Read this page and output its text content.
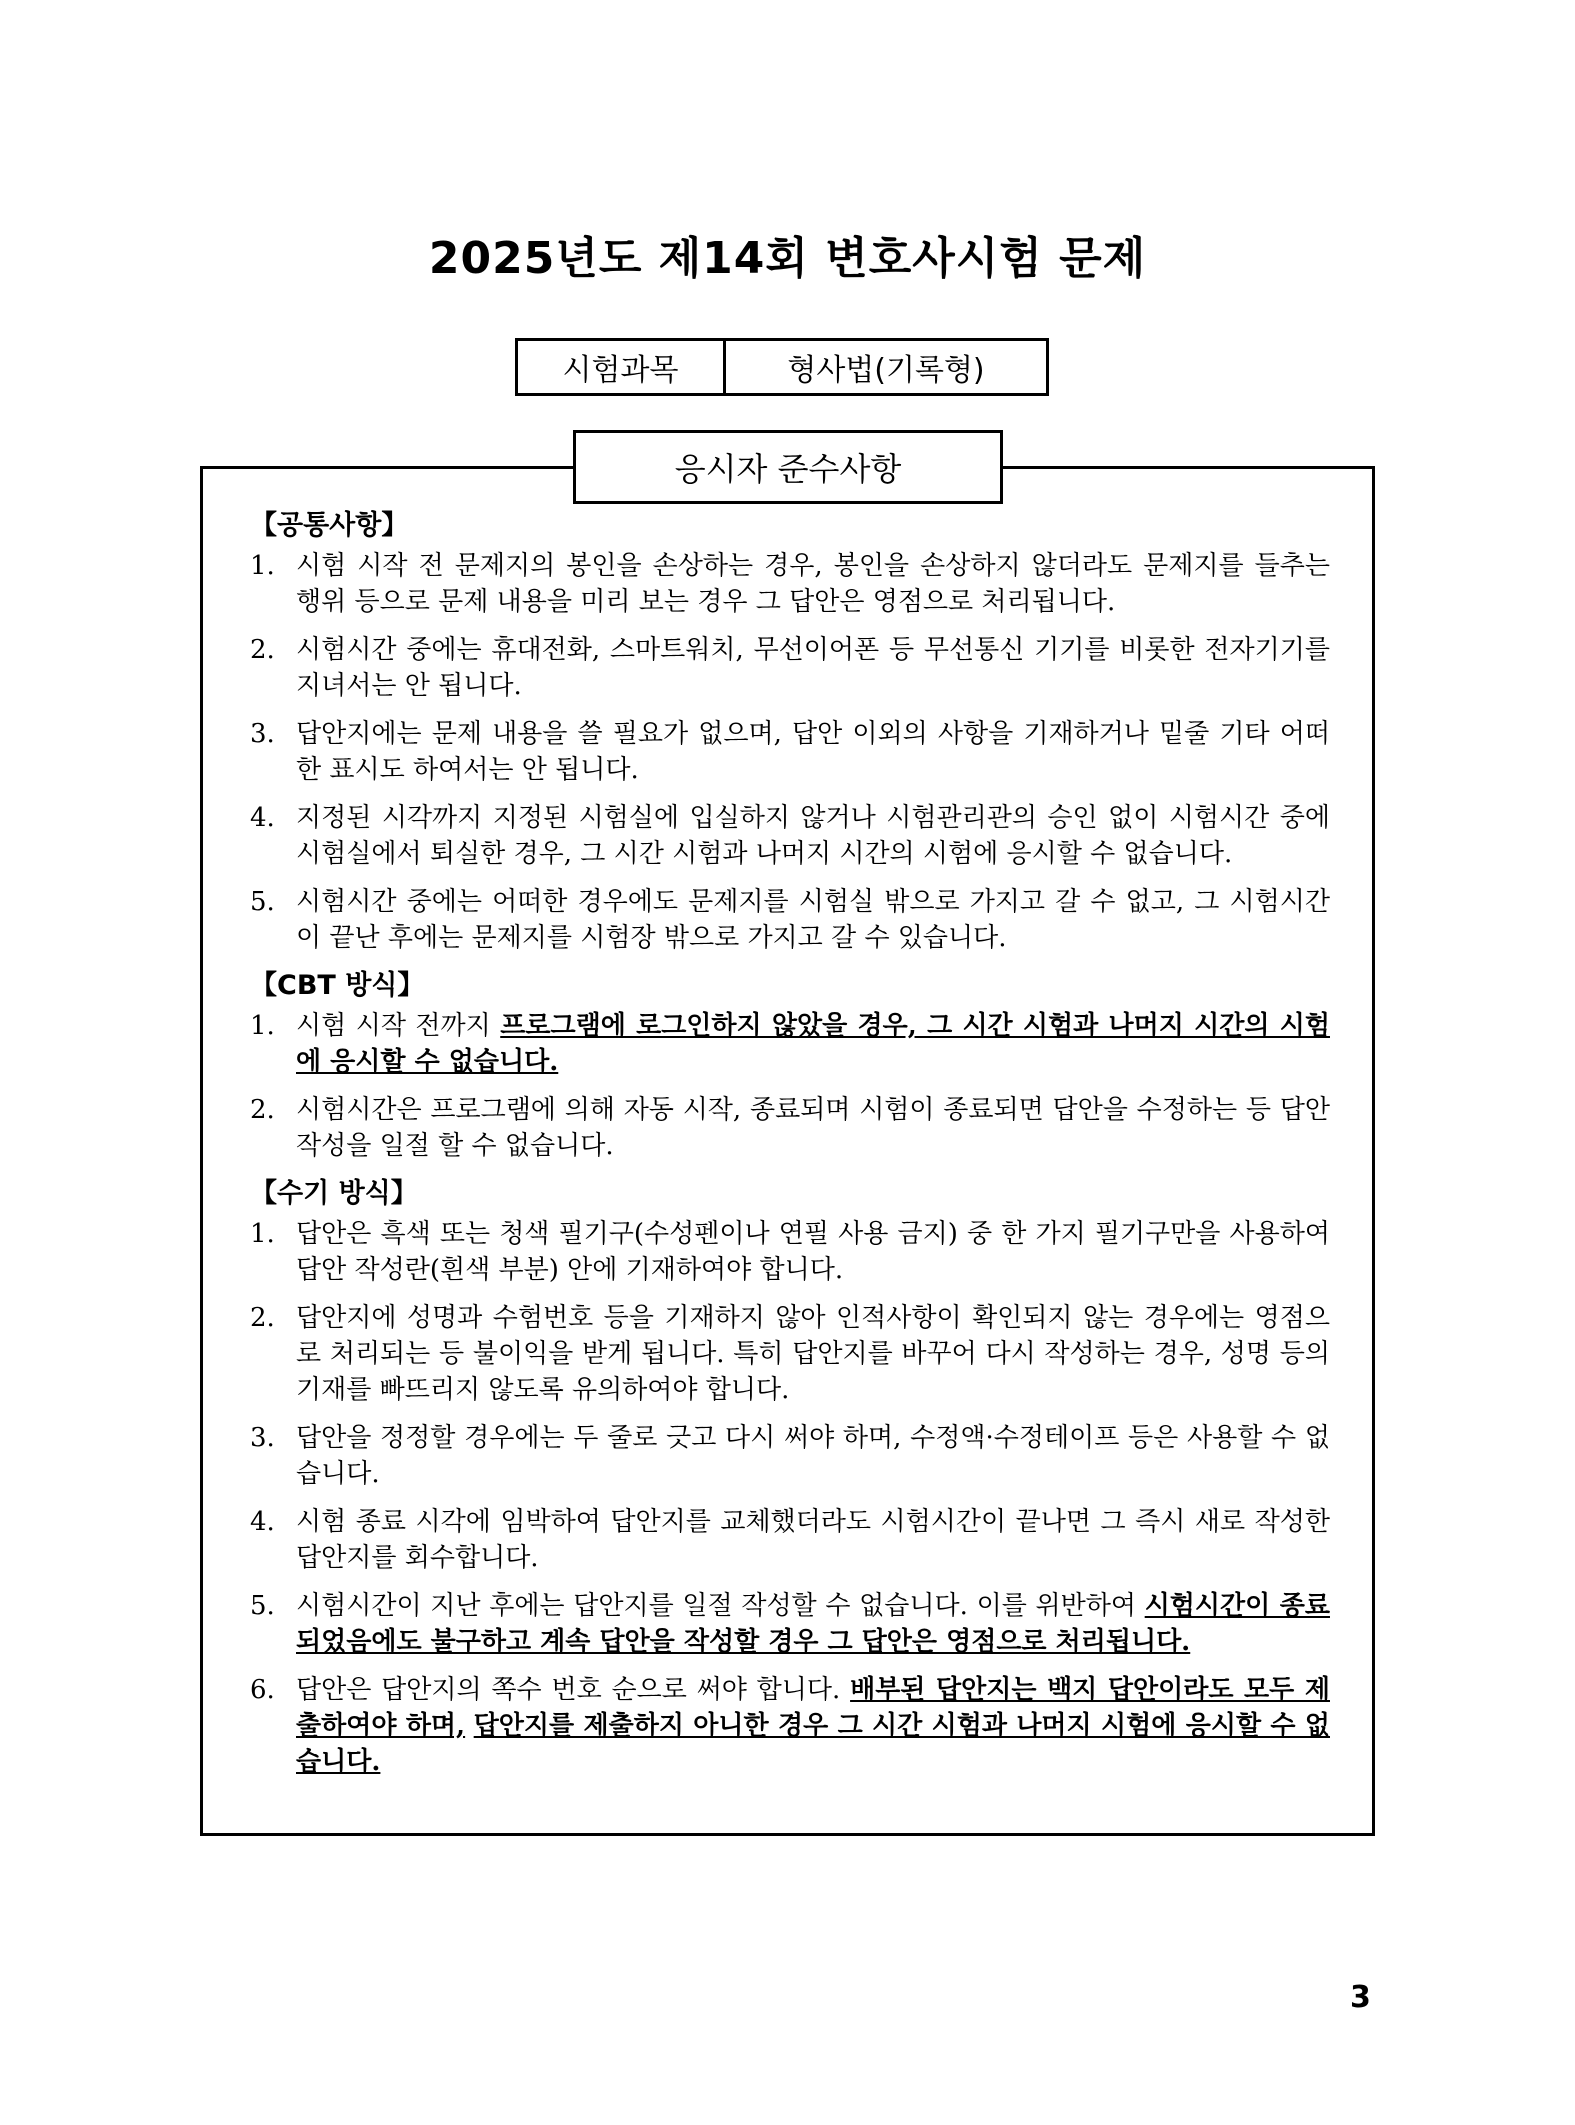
2025년도 제14회 변호사시험 문제
시험과목	형사법(기록형)
응시자 준수사항
【공통사항】
1. 시험 시작 전 문제지의 봉인을 손상하는 경우, 봉인을 손상하지 않더라도 문제지를 들추는 행위 등으로 문제 내용을 미리 보는 경우 그 답안은 영점으로 처리됩니다.
2. 시험시간 중에는 휴대전화, 스마트워치, 무선이어폰 등 무선통신 기기를 비롯한 전자기기를 지녀서는 안 됩니다.
3. 답안지에는 문제 내용을 쓸 필요가 없으며, 답안 이외의 사항을 기재하거나 밑줄 기타 어떠한 표시도 하여서는 안 됩니다.
4. 지정된 시각까지 지정된 시험실에 입실하지 않거나 시험관리관의 승인 없이 시험시간 중에 시험실에서 퇴실한 경우, 그 시간 시험과 나머지 시간의 시험에 응시할 수 없습니다.
5. 시험시간 중에는 어떠한 경우에도 문제지를 시험실 밖으로 가지고 갈 수 없고, 그 시험시간이 끝난 후에는 문제지를 시험장 밖으로 가지고 갈 수 있습니다.
【CBT 방식】
1. 시험 시작 전까지 프로그램에 로그인하지 않았을 경우, 그 시간 시험과 나머지 시간의 시험에 응시할 수 없습니다.
2. 시험시간은 프로그램에 의해 자동 시작, 종료되며 시험이 종료되면 답안을 수정하는 등 답안 작성을 일절 할 수 없습니다.
【수기 방식】
1. 답안은 흑색 또는 청색 필기구(수성펜이나 연필 사용 금지) 중 한 가지 필기구만을 사용하여 답안 작성란(흰색 부분) 안에 기재하여야 합니다.
2. 답안지에 성명과 수험번호 등을 기재하지 않아 인적사항이 확인되지 않는 경우에는 영점으로 처리되는 등 불이익을 받게 됩니다. 특히 답안지를 바꾸어 다시 작성하는 경우, 성명 등의 기재를 빠뜨리지 않도록 유의하여야 합니다.
3. 답안을 정정할 경우에는 두 줄로 긋고 다시 써야 하며, 수정액·수정테이프 등은 사용할 수 없습니다.
4. 시험 종료 시각에 임박하여 답안지를 교체했더라도 시험시간이 끝나면 그 즉시 새로 작성한 답안지를 회수합니다.
5. 시험시간이 지난 후에는 답안지를 일절 작성할 수 없습니다. 이를 위반하여 시험시간이 종료되었음에도 불구하고 계속 답안을 작성할 경우 그 답안은 영점으로 처리됩니다.
6. 답안은 답안지의 쪽수 번호 순으로 써야 합니다. 배부된 답안지는 백지 답안이라도 모두 제출하여야 하며, 답안지를 제출하지 아니한 경우 그 시간 시험과 나머지 시험에 응시할 수 없습니다.
3
